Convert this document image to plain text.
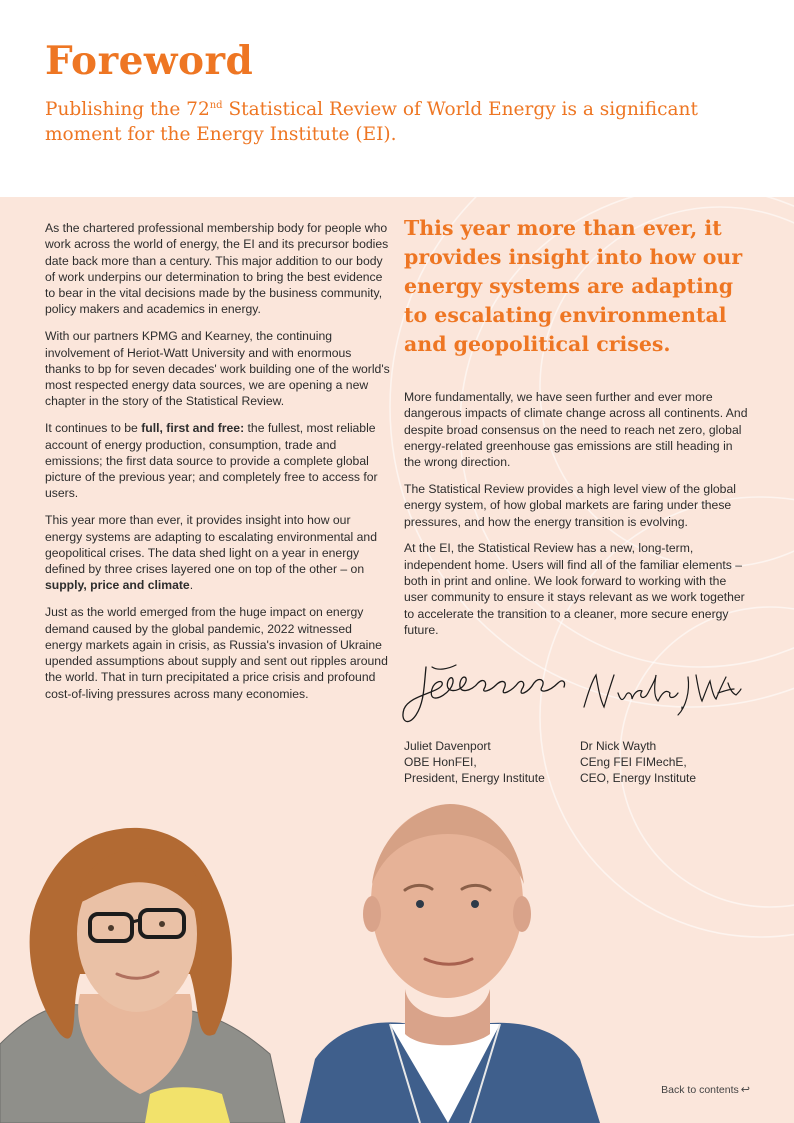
Foreword

Publishing the 72nd Statistical Review of World Energy is a significant moment for the Energy Institute (EI).

As the chartered professional membership body for people who work across the world of energy, the EI and its precursor bodies date back more than a century. This major addition to our body of work underpins our determination to bring the best evidence to bear in the vital decisions made by the business community, policy makers and academics in energy.

With our partners KPMG and Kearney, the continuing involvement of Heriot-Watt University and with enormous thanks to bp for seven decades' work building one of the world's most respected energy data sources, we are opening a new chapter in the story of the Statistical Review.

It continues to be full, first and free: the fullest, most reliable account of energy production, consumption, trade and emissions; the first data source to provide a complete global picture of the previous year; and completely free to access for users.

This year more than ever, it provides insight into how our energy systems are adapting to escalating environmental and geopolitical crises. The data shed light on a year in energy defined by three crises layered one on top of the other – on supply, price and climate.

Just as the world emerged from the huge impact on energy demand caused by the global pandemic, 2022 witnessed energy markets again in crisis, as Russia's invasion of Ukraine upended assumptions about supply and sent out ripples around the world. That in turn precipitated a price crisis and profound cost-of-living pressures across many economies.

This year more than ever, it provides insight into how our energy systems are adapting to escalating environmental and geopolitical crises.

More fundamentally, we have seen further and ever more dangerous impacts of climate change across all continents. And despite broad consensus on the need to reach net zero, global energy-related greenhouse gas emissions are still heading in the wrong direction.

The Statistical Review provides a high level view of the global energy system, of how global markets are faring under these pressures, and how the energy transition is evolving.

At the EI, the Statistical Review has a new, long-term, independent home. Users will find all of the familiar elements – both in print and online. We look forward to working with the user community to ensure it stays relevant as we work together to accelerate the transition to a cleaner, more secure energy future.

Juliet Davenport
OBE HonFEI,
President, Energy Institute
Dr Nick Wayth
CEng FEI FIMechE,
CEO, Energy Institute
Back to contents ↩
